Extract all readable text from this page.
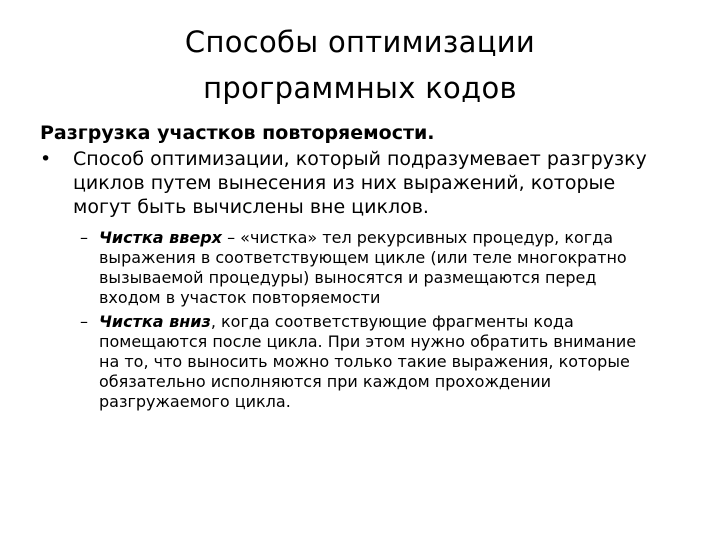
Способы оптимизации
программных кодов

Разгрузка участков повторяемости.

• Способ оптимизации, который подразумевает разгрузку циклов путем вынесения из них выражений, которые могут быть вычислены вне циклов.
– Чистка вверх – «чистка» тел рекурсивных процедур, когда выражения в соответствующем цикле (или теле многократно вызываемой процедуры) выносятся и размещаются перед входом в участок повторяемости
– Чистка вниз, когда соответствующие фрагменты кода помещаются после цикла. При этом нужно обратить внимание на то, что выносить можно только такие выражения, которые обязательно исполняются при каждом прохождении разгружаемого цикла.
